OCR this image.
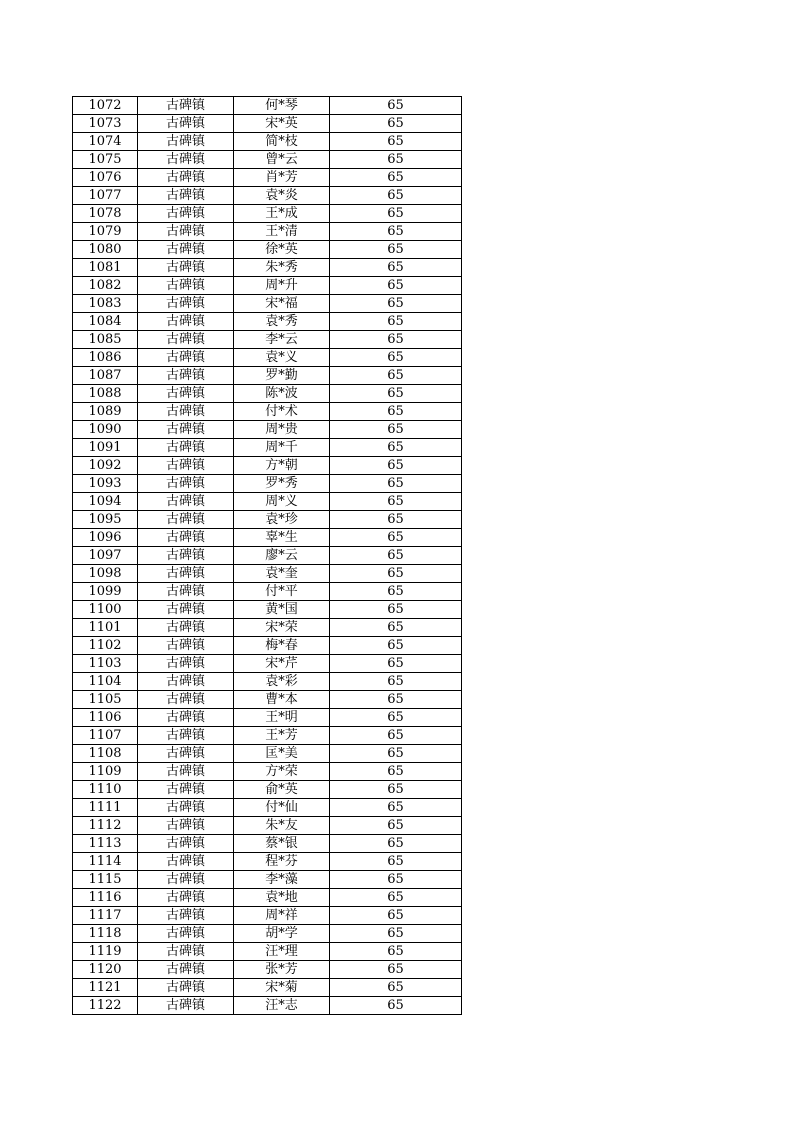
1072	古碑镇	何*琴	65
1073	古碑镇	宋*英	65
1074	古碑镇	简*枝	65
1075	古碑镇	曾*云	65
1076	古碑镇	肖*芳	65
1077	古碑镇	袁*炎	65
1078	古碑镇	王*成	65
1079	古碑镇	王*清	65
1080	古碑镇	徐*英	65
1081	古碑镇	朱*秀	65
1082	古碑镇	周*升	65
1083	古碑镇	宋*福	65
1084	古碑镇	袁*秀	65
1085	古碑镇	李*云	65
1086	古碑镇	袁*义	65
1087	古碑镇	罗*勤	65
1088	古碑镇	陈*波	65
1089	古碑镇	付*术	65
1090	古碑镇	周*贵	65
1091	古碑镇	周*千	65
1092	古碑镇	方*朝	65
1093	古碑镇	罗*秀	65
1094	古碑镇	周*义	65
1095	古碑镇	袁*珍	65
1096	古碑镇	辜*生	65
1097	古碑镇	廖*云	65
1098	古碑镇	袁*奎	65
1099	古碑镇	付*平	65
1100	古碑镇	黄*国	65
1101	古碑镇	宋*荣	65
1102	古碑镇	梅*春	65
1103	古碑镇	宋*芹	65
1104	古碑镇	袁*彩	65
1105	古碑镇	曹*本	65
1106	古碑镇	王*明	65
1107	古碑镇	王*芳	65
1108	古碑镇	匡*美	65
1109	古碑镇	方*荣	65
1110	古碑镇	俞*英	65
1111	古碑镇	付*仙	65
1112	古碑镇	朱*友	65
1113	古碑镇	蔡*银	65
1114	古碑镇	程*芬	65
1115	古碑镇	李*藻	65
1116	古碑镇	袁*地	65
1117	古碑镇	周*祥	65
1118	古碑镇	胡*学	65
1119	古碑镇	汪*理	65
1120	古碑镇	张*芳	65
1121	古碑镇	宋*菊	65
1122	古碑镇	汪*志	65
